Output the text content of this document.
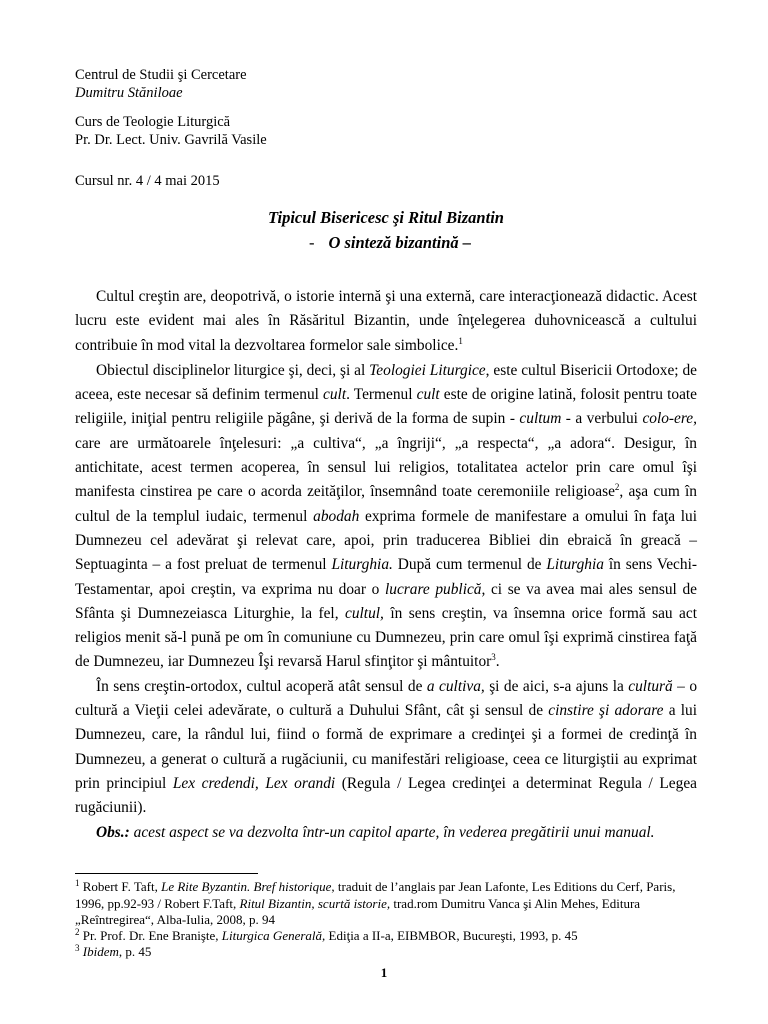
Centrul de Studii şi Cercetare
Dumitru Stăniloae
Curs de Teologie Liturgică
Pr. Dr. Lect. Univ. Gavrilă Vasile
Cursul nr. 4 / 4 mai 2015
Tipicul Bisericesc şi Ritul Bizantin
- O sinteză bizantină –

Cultul creştin are, deopotrivă, o istorie internă şi una externă, care interacţionează didactic. Acest lucru este evident mai ales în Răsăritul Bizantin, unde înţelegerea duhovnicească a cultului contribuie în mod vital la dezvoltarea formelor sale simbolice.$^1$

Obiectul disciplinelor liturgice şi, deci, şi al Teologiei Liturgice, este cultul Bisericii Ortodoxe; de aceea, este necesar să definim termenul cult. Termenul cult este de origine latină, folosit pentru toate religiile, iniţial pentru religiile păgâne, şi derivă de la forma de supin - cultum - a verbului colo-ere, care are următoarele înţelesuri: „a cultiva“, „a îngriji“, „a respecta“, „a adora“. Desigur, în antichitate, acest termen acoperea, în sensul lui religios, totalitatea actelor prin care omul îşi manifesta cinstirea pe care o acorda zeităţilor, însemnând toate ceremoniile religioase$^2$, aşa cum în cultul de la templul iudaic, termenul abodah exprima formele de manifestare a omului în faţa lui Dumnezeu cel adevărat şi relevat care, apoi, prin traducerea Bibliei din ebraică în greacă – Septuaginta – a fost preluat de termenul Liturghia. După cum termenul de Liturghia în sens Vechi-Testamentar, apoi creştin, va exprima nu doar o lucrare publică, ci se va avea mai ales sensul de Sfânta şi Dumnezeiasca Liturghie, la fel, cultul, în sens creştin, va însemna orice formă sau act religios menit să-l pună pe om în comuniune cu Dumnezeu, prin care omul îşi exprimă cinstirea faţă de Dumnezeu, iar Dumnezeu Îşi revarsă Harul sfinţitor şi mântuitor$^3$.

În sens creştin-ortodox, cultul acoperă atât sensul de a cultiva, şi de aici, s-a ajuns la cultură – o cultură a Vieţii celei adevărate, o cultură a Duhului Sfânt, cât şi sensul de cinstire şi adorare a lui Dumnezeu, care, la rândul lui, fiind o formă de exprimare a credinţei şi a formei de credinţă în Dumnezeu, a generat o cultură a rugăciunii, cu manifestări religioase, ceea ce liturgiştii au exprimat prin principiul Lex credendi, Lex orandi (Regula / Legea credinţei a determinat Regula / Legea rugăciunii).

Obs.: acest aspect se va dezvolta într-un capitol aparte, în vederea pregătirii unui manual.

$^1$ Robert F. Taft, Le Rite Byzantin. Bref historique, traduit de l’anglais par Jean Lafonte, Les Editions du Cerf, Paris, 1996, pp.92-93 / Robert F.Taft, Ritul Bizantin, scurtă istorie, trad.rom Dumitru Vanca şi Alin Mehes, Editura „Reîntregirea“, Alba-Iulia, 2008, p. 94
$^2$ Pr. Prof. Dr. Ene Branişte, Liturgica Generală, Ediţia a II-a, EIBMBOR, Bucureşti, 1993, p. 45
$^3$ Ibidem, p. 45
1
